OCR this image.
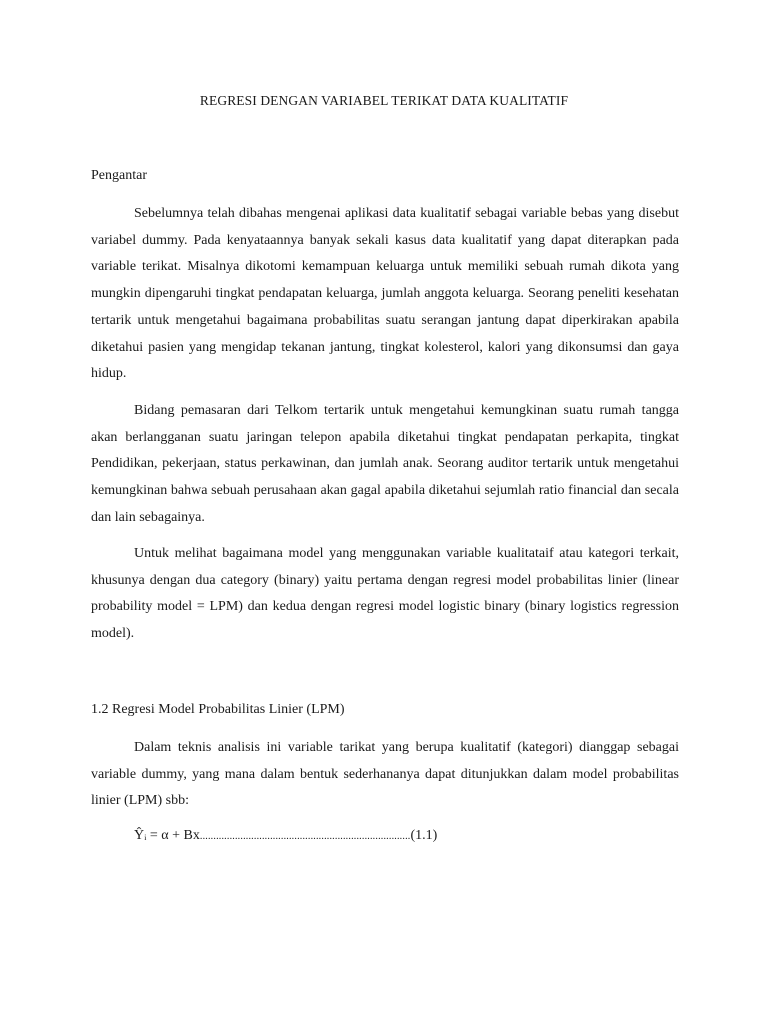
REGRESI DENGAN VARIABEL TERIKAT DATA KUALITATIF
Pengantar

Sebelumnya telah dibahas mengenai aplikasi data kualitatif sebagai variable bebas yang disebut variabel dummy. Pada kenyataannya banyak sekali kasus data kualitatif yang dapat diterapkan pada variable terikat. Misalnya dikotomi kemampuan keluarga untuk memiliki sebuah rumah dikota yang mungkin dipengaruhi tingkat pendapatan keluarga, jumlah anggota keluarga. Seorang peneliti kesehatan tertarik untuk mengetahui bagaimana probabilitas suatu serangan jantung dapat diperkirakan apabila diketahui pasien yang mengidap tekanan jantung, tingkat kolesterol, kalori yang dikonsumsi dan gaya hidup.

Bidang pemasaran dari Telkom tertarik untuk mengetahui kemungkinan suatu rumah tangga akan berlangganan suatu jaringan telepon apabila diketahui tingkat pendapatan perkapita, tingkat Pendidikan, pekerjaan, status perkawinan, dan jumlah anak. Seorang auditor tertarik untuk mengetahui kemungkinan bahwa sebuah perusahaan akan gagal apabila diketahui sejumlah ratio financial dan secala dan lain sebagainya.

Untuk melihat bagaimana model yang menggunakan variable kualitataif atau kategori terkait, khusunya dengan dua category (binary) yaitu pertama dengan regresi model probabilitas linier (linear probability model = LPM) dan kedua dengan regresi model logistic binary (binary logistics regression model).

1.2 Regresi Model Probabilitas Linier (LPM)

Dalam teknis analisis ini variable tarikat yang berupa kualitatif (kategori) dianggap sebagai variable dummy, yang mana dalam bentuk sederhananya dapat ditunjukkan dalam model probabilitas linier (LPM) sbb:

Ŷᵢ = α + Bx..............................................................................(1.1)
